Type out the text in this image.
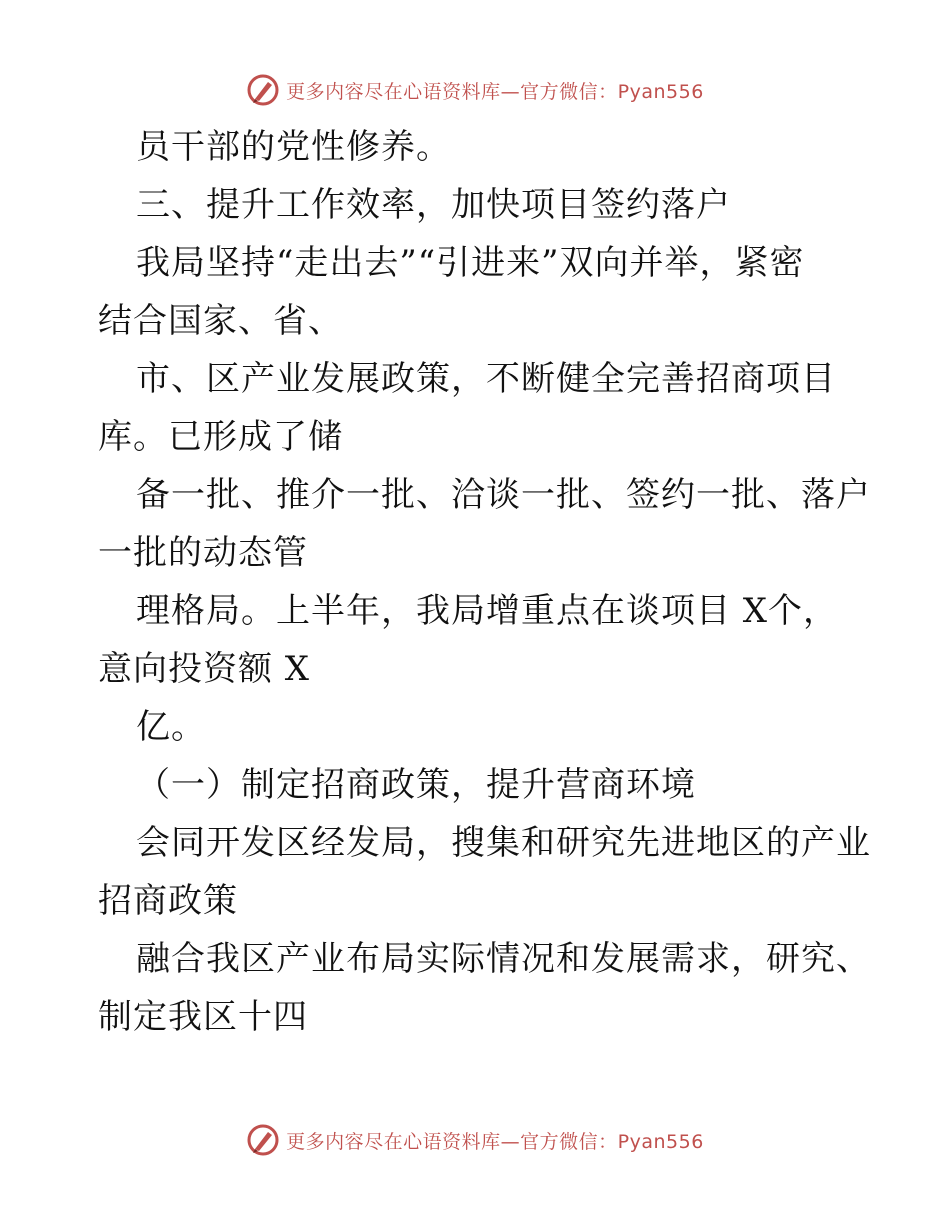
更多内容尽在心语资料库—官方微信：Pyan556
员干部的党性修养。
三、提升工作效率，加快项目签约落户
我局坚持“走出去”“引进来”双向并举，紧密
结合国家、省、
市、区产业发展政策，不断健全完善招商项目
库。已形成了储
备一批、推介一批、洽谈一批、签约一批、落户
一批的动态管
理格局。上半年，我局增重点在谈项目 X个，
意向投资额 X
亿。
（一）制定招商政策，提升营商环境
会同开发区经发局，搜集和研究先进地区的产业
招商政策
融合我区产业布局实际情况和发展需求，研究、
制定我区十四
更多内容尽在心语资料库—官方微信：Pyan556
